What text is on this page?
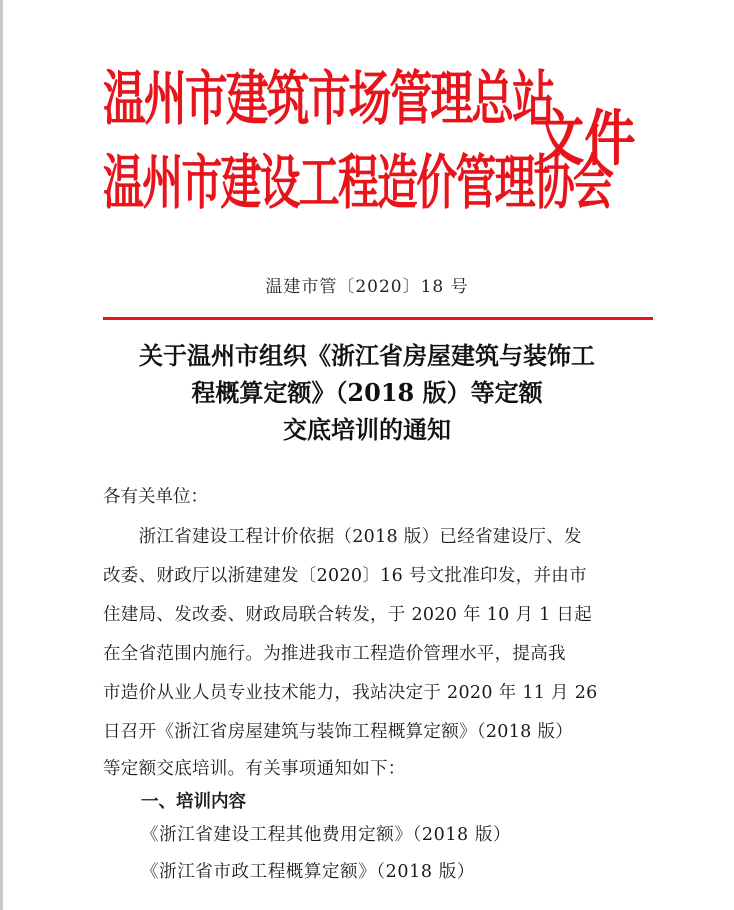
温州市建筑市场管理总站
温州市建设工程造价管理协会
文件
温建市管〔2020〕18 号
关于温州市组织《浙江省房屋建筑与装饰工
程概算定额》（2018 版）等定额
交底培训的通知
各有关单位：
　　浙江省建设工程计价依据（2018 版）已经省建设厅、发
改委、财政厅以浙建建发〔2020〕16 号文批准印发，并由市
住建局、发改委、财政局联合转发，于 2020 年 10 月 1 日起
在全省范围内施行。为推进我市工程造价管理水平，提高我
市造价从业人员专业技术能力，我站决定于 2020 年 11 月 26
日召开《浙江省房屋建筑与装饰工程概算定额》（2018 版）
等定额交底培训。有关事项通知如下：
一、培训内容
《浙江省建设工程其他费用定额》（2018 版）
《浙江省市政工程概算定额》（2018 版）
